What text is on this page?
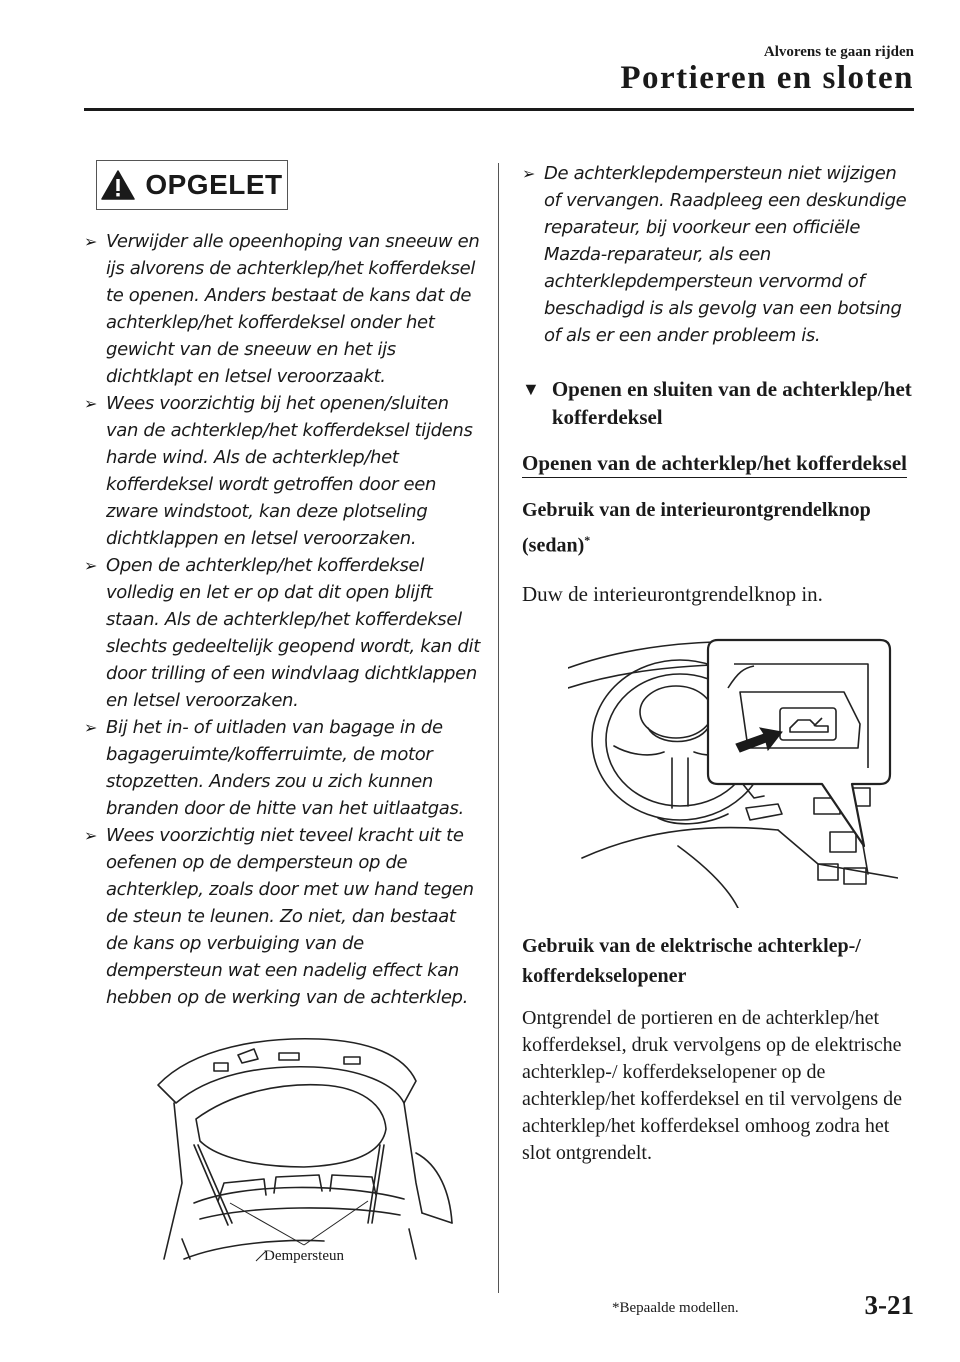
Alvorens te gaan rijden
Portieren en sloten
OPGELET
➢ Verwijder alle opeenhoping van sneeuw en ijs alvorens de achterklep/het kofferdeksel te openen. Anders bestaat de kans dat de achterklep/het kofferdeksel onder het gewicht van de sneeuw en het ijs dichtklapt en letsel veroorzaakt.
➢ Wees voorzichtig bij het openen/sluiten van de achterklep/het kofferdeksel tijdens harde wind. Als de achterklep/het kofferdeksel wordt getroffen door een zware windstoot, kan deze plotseling dichtklappen en letsel veroorzaken.
➢ Open de achterklep/het kofferdeksel volledig en let er op dat dit open blijft staan. Als de achterklep/het kofferdeksel slechts gedeeltelijk geopend wordt, kan dit door trilling of een windvlaag dichtklappen en letsel veroorzaken.
➢ Bij het in- of uitladen van bagage in de bagageruimte/kofferruimte, de motor stopzetten. Anders zou u zich kunnen branden door de hitte van het uitlaatgas.
➢ Wees voorzichtig niet teveel kracht uit te oefenen op de dempersteun op de achterklep, zoals door met uw hand tegen de steun te leunen. Zo niet, dan bestaat de kans op verbuiging van de dempersteun wat een nadelig effect kan hebben op de werking van de achterklep.
Dempersteun
➢ De achterklepdempersteun niet wijzigen of vervangen. Raadpleeg een deskundige reparateur, bij voorkeur een officiële Mazda-reparateur, als een achterklepdempersteun vervormd of beschadigd is als gevolg van een botsing of als er een ander probleem is.
▼ Openen en sluiten van de achterklep/het kofferdeksel
Openen van de achterklep/het kofferdeksel
Gebruik van de interieurontgrendelknop (sedan)*
Duw de interieurontgrendelknop in.
Gebruik van de elektrische achterklep-/ kofferdekselopener
Ontgrendel de portieren en de achterklep/het kofferdeksel, druk vervolgens op de elektrische achterklep-/ kofferdekselopener op de achterklep/het kofferdeksel en til vervolgens de achterklep/het kofferdeksel omhoog zodra het slot ontgrendelt.
*Bepaalde modellen.	3-21
